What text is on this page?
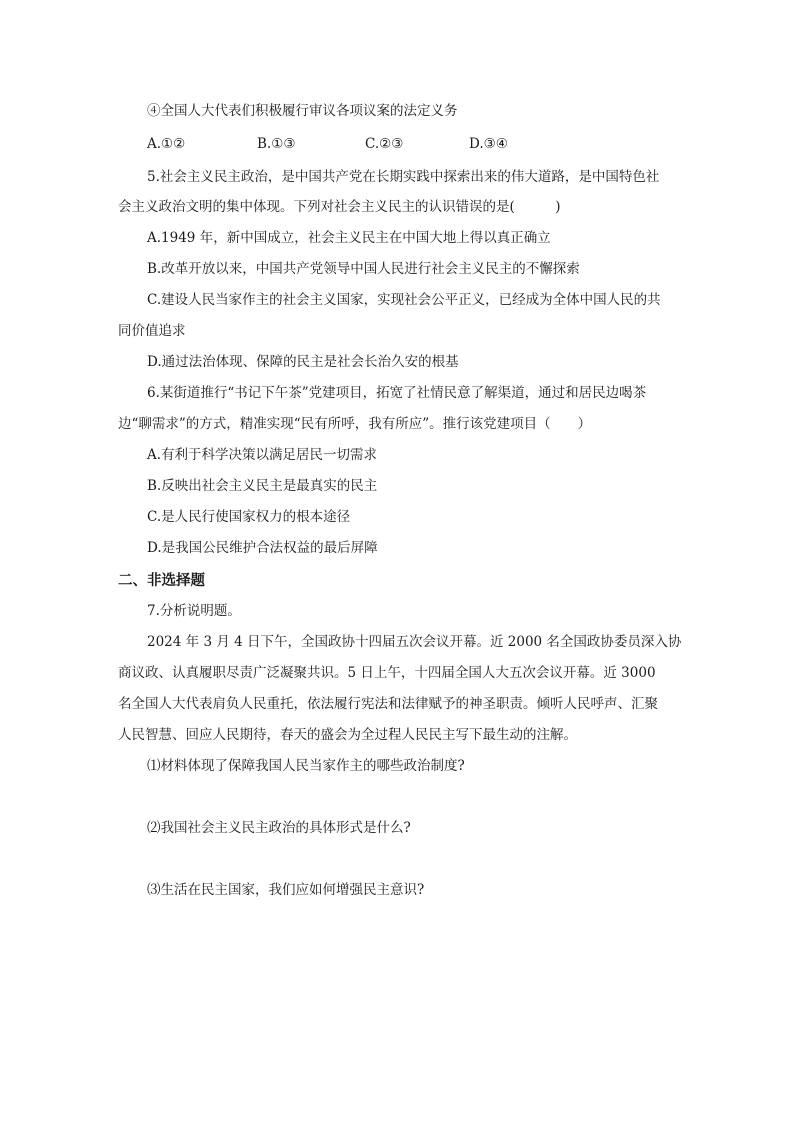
④全国人大代表们积极履行审议各项议案的法定义务
A.①②	B.①③	C.②③	D.③④
5.社会主义民主政治，是中国共产党在长期实践中探索出来的伟大道路，是中国特色社
会主义政治文明的集中体现。下列对社会主义民主的认识错误的是(　　　)
A.1949 年，新中国成立，社会主义民主在中国大地上得以真正确立
B.改革开放以来，中国共产党领导中国人民进行社会主义民主的不懈探索
C.建设人民当家作主的社会主义国家，实现社会公平正义，已经成为全体中国人民的共
同价值追求
D.通过法治体现、保障的民主是社会长治久安的根基
6.某街道推行“书记下午茶”党建项目，拓宽了社情民意了解渠道，通过和居民边喝茶
边“聊需求”的方式，精准实现“民有所呼，我有所应”。推行该党建项目（　　）
A.有利于科学决策以满足居民一切需求
B.反映出社会主义民主是最真实的民主
C.是人民行使国家权力的根本途径
D.是我国公民维护合法权益的最后屏障
二、非选择题
7.分析说明题。
2024 年 3 月 4 日下午，全国政协十四届五次会议开幕。近 2000 名全国政协委员深入协
商议政、认真履职尽责广泛凝聚共识。5 日上午，十四届全国人大五次会议开幕。近 3000
名全国人大代表肩负人民重托，依法履行宪法和法律赋予的神圣职责。倾听人民呼声、汇聚
人民智慧、回应人民期待，春天的盛会为全过程人民民主写下最生动的注解。
⑴材料体现了保障我国人民当家作主的哪些政治制度?
⑵我国社会主义民主政治的具体形式是什么?
⑶生活在民主国家，我们应如何增强民主意识?
